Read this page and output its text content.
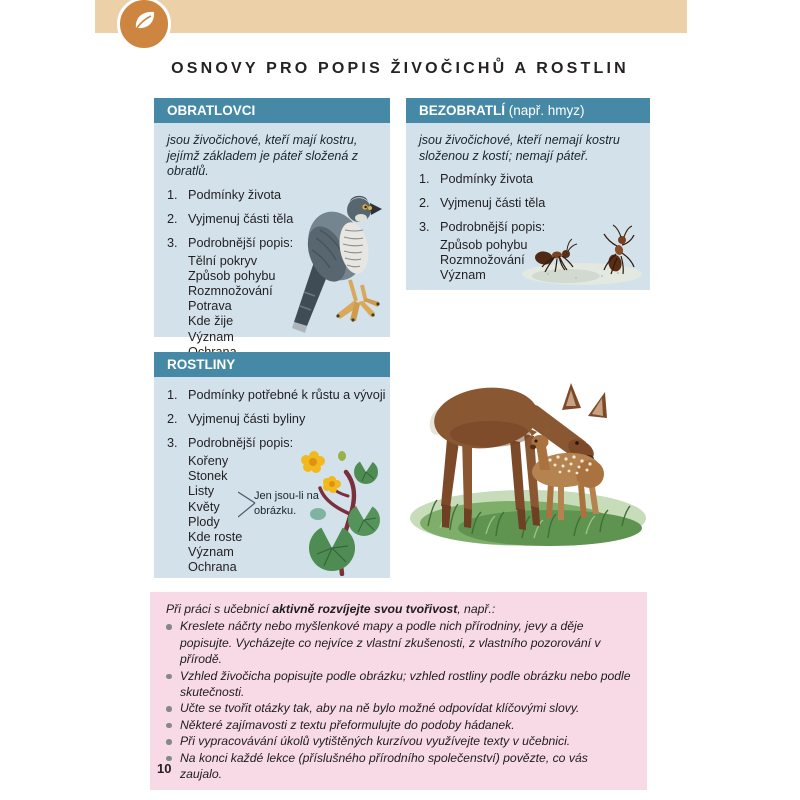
OSNOVY PRO POPIS ŽIVOČICHŮ A ROSTLIN
OBRATLOVCI

jsou živočichové, kteří mají kostru, jejímž základem je páteř složená z obratlů.

1. Podmínky života
2. Vyjmenuj části těla
3. Podrobnější popis:
Tělní pokryv
Způsob pohybu
Rozmnožování
Potrava
Kde žije
Význam
BEZOBRATLÍ (např. hmyz)

jsou živočichové, kteří nemají kostru složenou z kostí; nemají páteř.

1. Podmínky života
2. Vyjmenuj části těla
3. Podrobnější popis:
Způsob pohybu
Rozmnožování
Význam
ROSTLINY
1. Podmínky potřebné k růstu a vývoji
2. Vyjmenuj části byliny
3. Podrobnější popis:
Kořeny
Stonek
Listy
Květy
Plody
Kde roste
Význam
Ochrana
Jen jsou-li na obrázku.
Při práci s učebnicí aktivně rozvíjejte svou tvořivost, např.:
Kreslete náčrty nebo myšlenkové mapy a podle nich přírodniny, jevy a děje popisujte. Vycházejte co nejvíce z vlastní zkušenosti, z vlastního pozorování v přírodě.
Vzhled živočicha popisujte podle obrázku; vzhled rostliny podle obrázku nebo podle skutečnosti.
Učte se tvořit otázky tak, aby na ně bylo možné odpovídat klíčovými slovy.
Některé zajímavosti z textu přeformulujte do podoby hádanek.
Při vypracovávání úkolů vytištěných kurzívou využívejte texty v učebnici.
Na konci každé lekce (příslušného přírodního společenství) povězte, co vás zaujalo.
10
